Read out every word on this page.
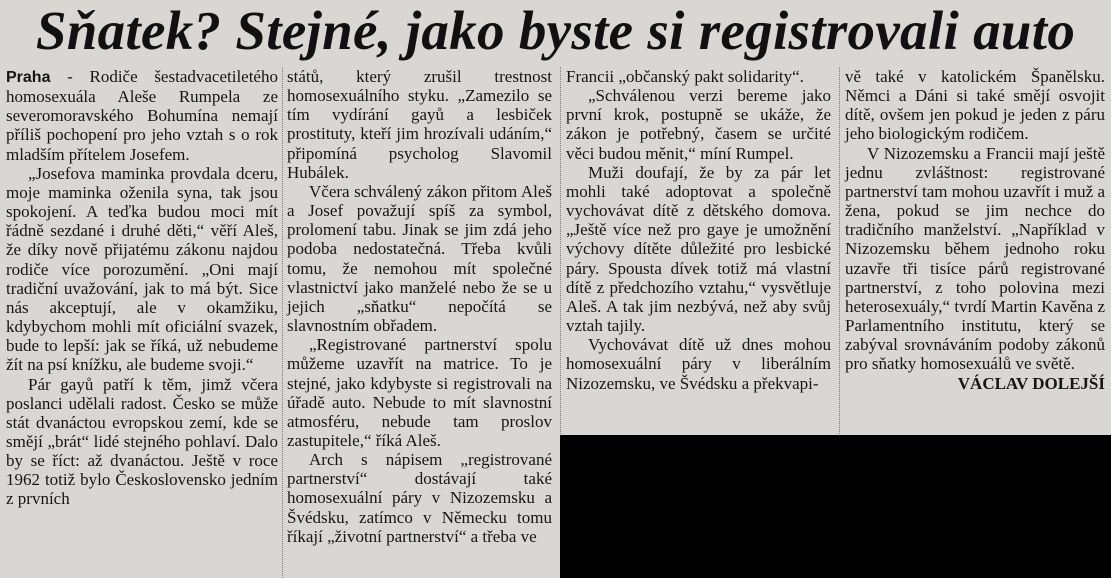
Sňatek? Stejné, jako byste si registrovali auto

Praha - Rodiče šestadvacetiletého homosexuála Aleše Rumpela ze severomoravského Bohumína nemají příliš pochopení pro jeho vztah s o rok mladším přítelem Josefem.

„Josefova maminka provdala dceru, moje maminka oženila syna, tak jsou spokojení. A teďka budou moci mít řádně sezdané i druhé děti,“ věří Aleš, že díky nově přijatému zákonu najdou rodiče více porozumění. „Oni mají tradiční uvažování, jak to má být. Sice nás akceptují, ale v okamžiku, kdybychom mohli mít oficiální svazek, bude to lepší: jak se říká, už nebudeme žít na psí knížku, ale budeme svoji.“

Pár gayů patří k těm, jimž včera poslanci udělali radost. Česko se může stát dvanáctou evropskou zemí, kde se smějí „brát“ lidé stejného pohlaví. Dalo by se říct: až dvanáctou. Ještě v roce 1962 totiž bylo Československo jedním z prvních

států, který zrušil trestnost homosexuálního styku. „Zamezilo se tím vydírání gayů a lesbiček prostituty, kteří jim hrozívali udáním,“ připomíná psycholog Slavomil Hubálek.

Včera schválený zákon přitom Aleš a Josef považují spíš za symbol, prolomení tabu. Jinak se jim zdá jeho podoba nedostatečná. Třeba kvůli tomu, že nemohou mít společné vlastnictví jako manželé nebo že se u jejich „sňatku“ nepočítá se slavnostním obřadem.

„Registrované partnerství spolu můžeme uzavřít na matrice. To je stejné, jako kdybyste si registrovali na úřadě auto. Nebude to mít slavnostní atmosféru, nebude tam proslov zastupitele,“ říká Aleš.

Arch s nápisem „registrované partnerství“ dostávají také homosexuální páry v Nizozemsku a Švédsku, zatímco v Německu tomu říkají „životní partnerství“ a třeba ve

Francii „občanský pakt solidarity“.

„Schválenou verzi bereme jako první krok, postupně se ukáže, že zákon je potřebný, časem se určité věci budou měnit,“ míní Rumpel.

Muži doufají, že by za pár let mohli také adoptovat a společně vychovávat dítě z dětského domova. „Ještě více než pro gaye je umožnění výchovy dítěte důležité pro lesbické páry. Spousta dívek totiž má vlastní dítě z předchozího vztahu,“ vysvětluje Aleš. A tak jim nezbývá, než aby svůj vztah tajily.

Vychovávat dítě už dnes mohou homosexuální páry v liberálním Nizozemsku, ve Švédsku a překvapi-

vě také v katolickém Španělsku. Němci a Dáni si také smějí osvojit dítě, ovšem jen pokud je jeden z páru jeho biologickým rodičem.

V Nizozemsku a Francii mají ještě jednu zvláštnost: registrované partnerství tam mohou uzavřít i muž a žena, pokud se jim nechce do tradičního manželství. „Například v Nizozemsku během jednoho roku uzavře tři tisíce párů registrované partnerství, z toho polovina mezi heterosexuály,“ tvrdí Martin Kavěna z Parlamentního institutu, který se zabýval srovnáváním podoby zákonů pro sňatky homosexuálů ve světě.

VÁCLAV DOLEJŠÍ
